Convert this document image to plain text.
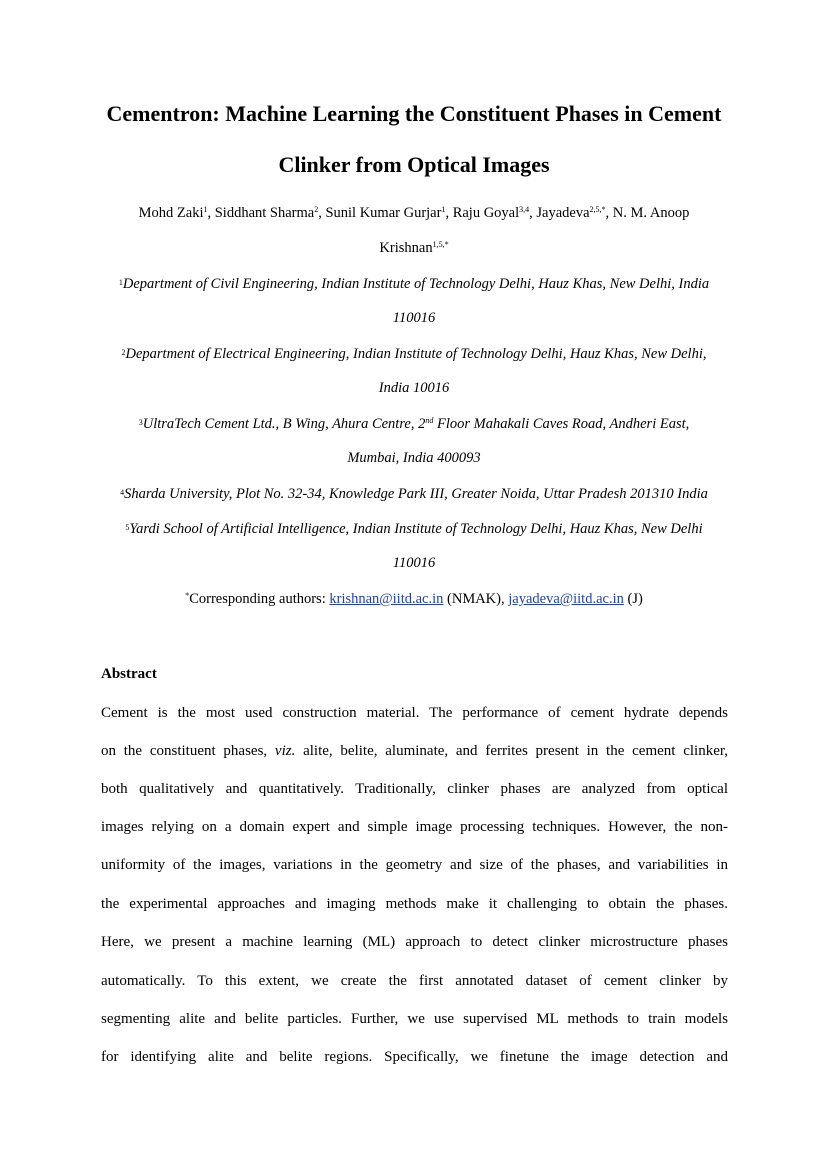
Cementron: Machine Learning the Constituent Phases in Cement
Clinker from Optical Images
Mohd Zaki$^1$, Siddhant Sharma$^2$, Sunil Kumar Gurjar$^1$, Raju Goyal$^{3,4}$, Jayadeva$^{2,5,*}$, N. M. Anoop
Krishnan$^{1,5,*}$
$^1$Department of Civil Engineering, Indian Institute of Technology Delhi, Hauz Khas, New Delhi, India
110016
$^2$Department of Electrical Engineering, Indian Institute of Technology Delhi, Hauz Khas, New Delhi,
India 10016
$^3$UltraTech Cement Ltd., B Wing, Ahura Centre, 2nd Floor Mahakali Caves Road, Andheri East,
Mumbai, India 400093
$^4$Sharda University, Plot No. 32-34, Knowledge Park III, Greater Noida, Uttar Pradesh 201310 India
$^5$Yardi School of Artificial Intelligence, Indian Institute of Technology Delhi, Hauz Khas, New Delhi
110016
*Corresponding authors: krishnan@iitd.ac.in (NMAK), jayadeva@iitd.ac.in (J)
Abstract
Cement is the most used construction material. The performance of cement hydrate depends
on the constituent phases, viz. alite, belite, aluminate, and ferrites present in the cement clinker,
both qualitatively and quantitatively. Traditionally, clinker phases are analyzed from optical
images relying on a domain expert and simple image processing techniques. However, the non-
uniformity of the images, variations in the geometry and size of the phases, and variabilities in
the experimental approaches and imaging methods make it challenging to obtain the phases.
Here, we present a machine learning (ML) approach to detect clinker microstructure phases
automatically. To this extent, we create the first annotated dataset of cement clinker by
segmenting alite and belite particles. Further, we use supervised ML methods to train models
for identifying alite and belite regions. Specifically, we finetune the image detection and
